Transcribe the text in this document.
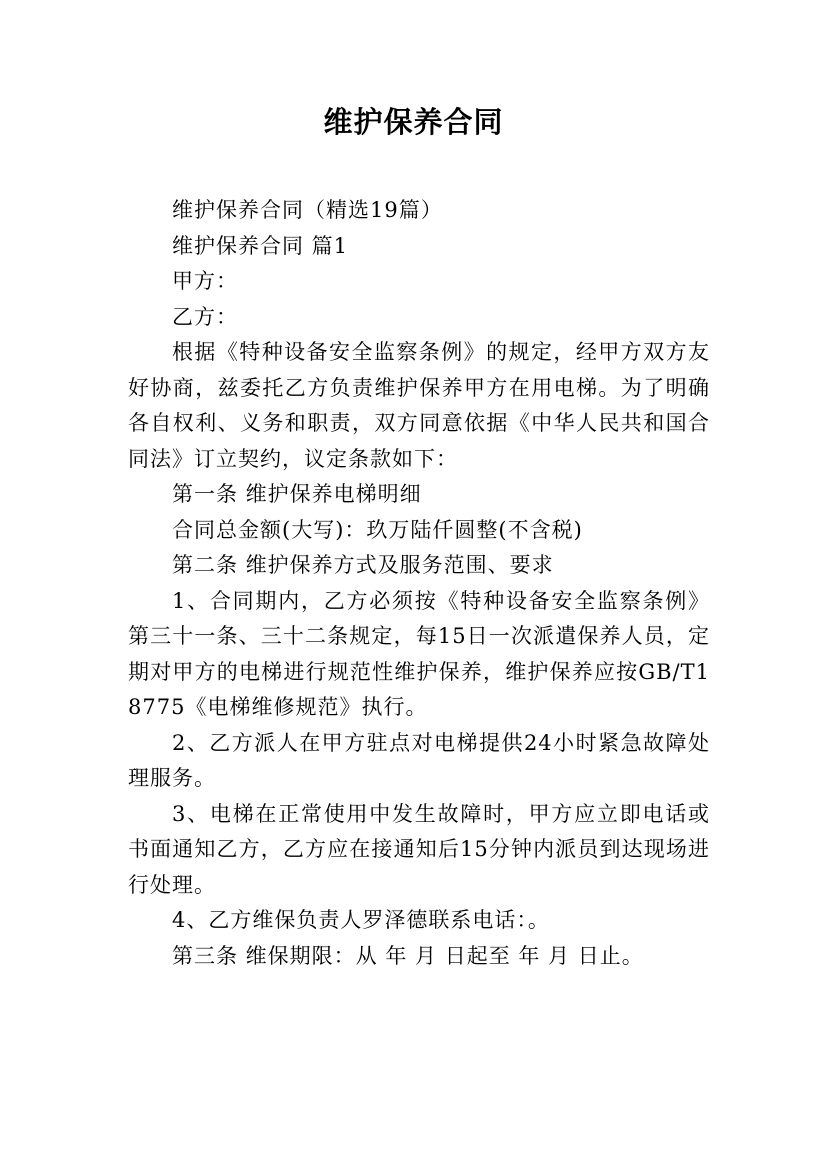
维护保养合同

维护保养合同（精选19篇）

维护保养合同 篇1

甲方：

乙方：

根据《特种设备安全监察条例》的规定，经甲方双方友好协商，兹委托乙方负责维护保养甲方在用电梯。为了明确各自权利、义务和职责，双方同意依据《中华人民共和国合同法》订立契约，议定条款如下：

第一条 维护保养电梯明细

合同总金额(大写)：玖万陆仟圆整(不含税)

第二条 维护保养方式及服务范围、要求

1、合同期内，乙方必须按《特种设备安全监察条例》第三十一条、三十二条规定，每15日一次派遣保养人员，定期对甲方的电梯进行规范性维护保养，维护保养应按GB/T18775《电梯维修规范》执行。

2、乙方派人在甲方驻点对电梯提供24小时紧急故障处理服务。

3、电梯在正常使用中发生故障时，甲方应立即电话或书面通知乙方，乙方应在接通知后15分钟内派员到达现场进行处理。

4、乙方维保负责人罗泽德联系电话：。

第三条 维保期限：从 年 月 日起至 年 月 日止。
